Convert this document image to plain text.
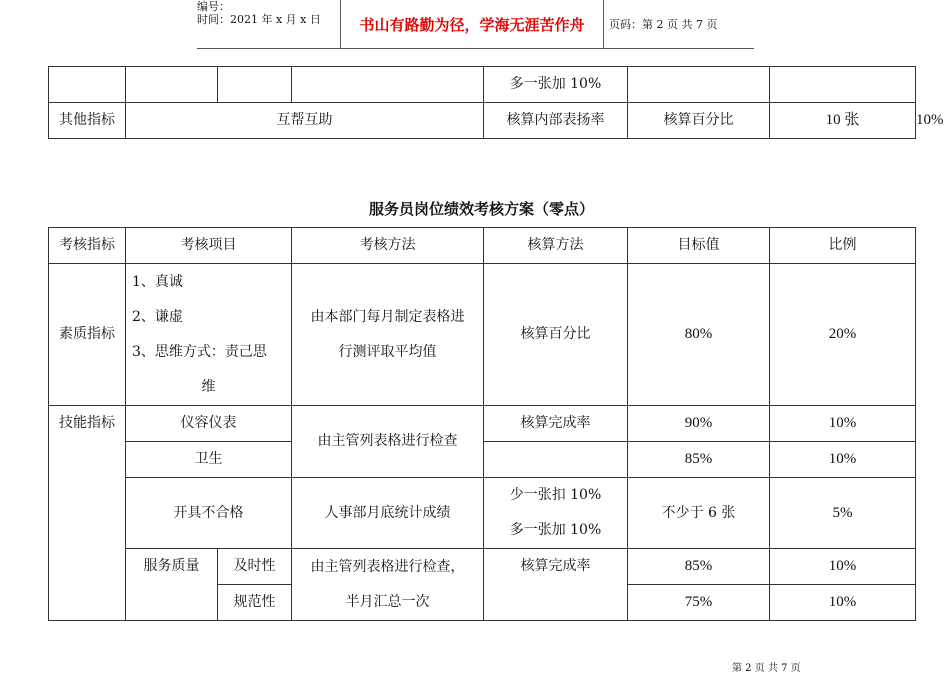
编号：
时间：2021 年 x 月 x 日	书山有路勤为径，学海无涯苦作舟	页码：第 2 页 共 7 页
				多一张加 10%			
其他指标	互帮互助			核算内部表扬率	核算百分比	10 张	10%
服务员岗位绩效考核方案（零点）
考核指标	考核项目		考核方法	核算方法	目标值	比例
素质指标	1、真诚
2、谦虚
3、思维方式：责己思
维		由本部门每月制定表格进
行测评取平均值	核算百分比	80%	20%
技能指标	仪容仪表		由主管列表格进行检查	核算完成率	90%	10%
	卫生				85%	10%
	开具不合格		人事部月底统计成绩	少一张扣 10%
多一张加 10%	不少于 6 张	5%
	服务质量	及时性	由主管列表格进行检查，
半月汇总一次	核算完成率	85%	10%
		规范性			75%	10%
第 2 页 共 7 页
